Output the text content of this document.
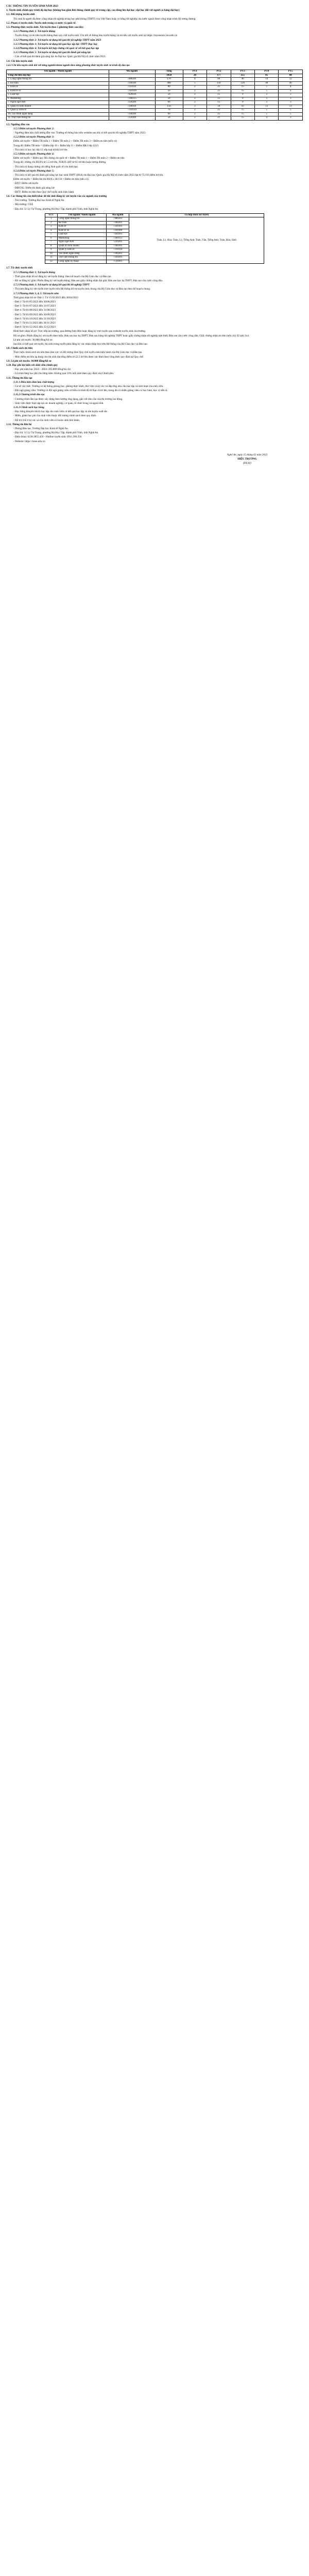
CÁC THÔNG TIN TUYỂN SINH NĂM 2023
1. Tuyển sinh chính quy trình độ đại học (không bao gồm liên thông chính quy từ trung cấp, cao đẳng lên đại học; đại học đối với người có bằng đại học)
1.1. Đối tượng tuyển sinh

Thí sinh là người đã được công nhận tốt nghiệp trung học phổ thông (THPT) của Việt Nam hoặc có bằng tốt nghiệp của nước ngoài được công nhận trình độ tương đương.

1.2. Phạm vi tuyển sinh: Tuyển sinh trong cả nước và quốc tế.
1.3. Phương thức tuyển sinh: Xét tuyển theo 5 phương thức sau đây:

1.3.1 Phương thức 1: Xét tuyển thẳng

- Tuyển thẳng và ưu tiên tuyển thẳng theo quy chế tuyển sinh: Chi tiết về thông báo tuyển thẳng và ưu tiên xét tuyển xem tại https://tuyensinh.vnu.edu.vn

1.3.2 Phương thức 2: Xét tuyển sử dụng kết quả thi tốt nghiệp THPT năm 2023

1.3.3 Phương thức 3: Xét tuyển sử dụng kết quả học tập bậc THPT (học bạ)

1.3.4 Phương thức 4: Xét tuyển kết hợp chứng chỉ quốc tế với kết quả học tập

1.3.5 Phương thức 5: Xét tuyển sử dụng kết quả thi đánh giá năng lực

- Căn cứ kết quả thi đánh giá năng lực do Đại học Quốc gia Hà Nội tổ chức năm 2023.

1.4. Chỉ tiêu tuyển sinh
1.4.1 Chỉ tiêu tuyển sinh đối với từng ngành/nhóm ngành theo từng phương thức tuyển sinh và trình độ đào tạo
Tên ngành / Nhóm ngành	Mã ngành	Tổng	PT1	PT2	PT3	PT4	PT5
Tổng chỉ tiêu đại học		1050	20	377	255	85	80
1. Công nghệ thông tin	7480201	170	4	60	40	14	12
2. Kế toán	7340301	400	5	150	120	40	40
3. Kinh tế	7310101	80	2	25	15	5	4
4. Kinh tế số	7310109	50	2	25	15	5	4
5. Luật học	7420101	50	2	15	9	3	3
6. Marketing	7340115	50	2	15	9	3	3
7. Ngôn ngữ Anh	7220201	60	2	15	9	3	3
8. Quản trị kinh doanh	7340101	150	3	56	43	13	13
9. Quản lý kinh tế	7310110	70	2	25	15	5	5
10. Tài chính ngân hàng	7340201	60	2	25	15	5	5
11. Thư viện thông tin	7320201	50	2	21	15	4	3
1.5. Ngưỡng đầu vào

1.5.1 Điểm xét tuyển Phương thức 2:

- Ngưỡng đảm bảo chất lượng đầu vào: Trường sẽ thông báo trên website sau khi có kết quả thi tốt nghiệp THPT năm 2023.

1.5.2 Điểm xét tuyển Phương thức 3:

Điểm xét tuyển = Điểm TB môn 1 + Điểm TB môn 2 + Điểm TB môn 3 + Điểm ưu tiên (nếu có)

Trong đó: Điểm TB môn = (Điểm lớp 10 + Điểm lớp 11 + Điểm HK1 lớp 12)/3

- Thí sinh có học lực lớp 12 xếp loại từ khá trở lên.

1.5.3 Điểm xét tuyển Phương thức 4:

Điểm xét tuyển = Điểm quy đổi chứng chỉ quốc tế + Điểm TB môn 1 + Điểm TB môn 2 + Điểm ưu tiên

Trong đó: chứng chỉ IELTS từ 5.5 trở lên, TOEFL iBT từ 65 trở lên hoặc tương đương.

- Thí sinh sử dụng chứng chỉ tiếng Anh quốc tế còn thời hạn.

1.5.4 Điểm xét tuyển Phương thức 5:

- Thí sinh có kết quả thi đánh giá năng lực học sinh THPT (HSA) do Đại học Quốc gia Hà Nội tổ chức năm 2023 đạt từ 75/150 điểm trở lên.

Điểm xét tuyển = Điểm bài thi HSA x 30/150 + Điểm ưu tiên (nếu có)

- ĐXT: Điểm xét tuyển

- ĐĐGNL: Điểm thi đánh giá năng lực

- ĐƯT: Điểm ưu tiên theo Quy chế tuyển sinh hiện hành.

1.6. Các thông tin cần thiết khác để thí sinh đăng ký xét tuyển vào các ngành của trường

- Tên trường: Trường Đại học Kinh tế Nghệ An

- Mã trường: CEA

- Địa chỉ: 51 Lý Tự Trọng, phường Hà Huy Tập, thành phố Vinh, tỉnh Nghệ An

STT	Tên ngành/ Nhóm ngành	Mã ngành	Tổ hợp môn xét tuyển
1	Công nghệ thông tin	7480201	Toán, Lý, Hóa; Toán, Lý, Tiếng Anh; Toán, Văn, Tiếng Anh; Toán, Hóa, Sinh
2	Kế toán	7340301	
3	Kinh tế	7310101	
4	Kinh tế số	7310109	
5	Luật học	7420101	
6	Marketing	7340115	
7	Ngôn ngữ Anh	7220201	
8	Quản trị kinh doanh	7340101	
9	Quản lý kinh tế	7310110	
10	Tài chính ngân hàng	7340201	
11	Thư viện thông tin	7320201	
12	Công nghệ kỹ thuật	7510301	
1.7. Tổ chức tuyển sinh

1.7.1 Phương thức 1: Xét tuyển thẳng

- Thời gian nhận hồ sơ đăng ký xét tuyển thẳng: theo kế hoạch của Bộ Giáo dục và Đào tạo.

- Hồ sơ đăng ký gồm: Phiếu đăng ký xét tuyển thẳng; Bản sao giấy chứng nhận đạt giải; Bản sao học bạ THPT; Bản sao căn cước công dân.

1.7.2 Phương thức 2: Xét tuyển sử dụng kết quả thi tốt nghiệp THPT

- Thí sinh đăng ký xét tuyển trực tuyến trên Hệ thống hỗ trợ tuyển sinh chung của Bộ Giáo dục và Đào tạo theo kế hoạch chung.

1.7.3 Phương thức 3, 4, 5: Xét tuyển sớm

Thời gian nhận hồ sơ: Đợt 1: Từ 15/02/2023 đến 30/04/2023

- Đợt 2: Từ 01/05/2023 đến 30/06/2023

- Đợt 3: Từ 01/07/2023 đến 31/07/2023

- Đợt 4: Từ 01/08/2023 đến 31/08/2023

- Đợt 5: Từ 01/09/2023 đến 30/09/2023

- Đợt 6: Từ 01/10/2023 đến 31/10/2023

- Đợt 7: Từ 01/11/2023 đến 30/11/2023

- Đợt 8: Từ 01/12/2023 đến 25/12/2023

Hình thức nhận hồ sơ: Trực tiếp tại trường, qua đường bưu điện hoặc đăng ký trực tuyến qua website tuyển sinh của trường.

Hồ sơ gồm: Phiếu đăng ký xét tuyển theo mẫu; Bản sao học bạ THPT; Bản sao bằng tốt nghiệp THPT hoặc giấy chứng nhận tốt nghiệp tạm thời; Bản sao căn cước công dân; Giấy chứng nhận ưu tiên (nếu có); 02 ảnh 3x4.

Lệ phí xét tuyển: 30.000 đồng/hồ sơ.

Sau khi có kết quả xét tuyển, thí sinh trúng tuyển phải đăng ký xác nhận nhập học trên Hệ thống của Bộ Giáo dục và Đào tạo.

1.8. Chính sách ưu tiên

Thực hiện chính sách ưu tiên theo khu vực và đối tượng theo Quy chế tuyển sinh hiện hành của Bộ Giáo dục và Đào tạo.

- Mức điểm ưu tiên áp dụng cho thí sinh đạt tổng điểm từ 22,5 trở lên được xác định theo công thức quy định tại Quy chế.

1.9. Lệ phí xét tuyển: 30.000 đồng/hồ sơ
1.10. Học phí dự kiến với sinh viên chính quy

- Học phí năm học 2023 - 2024: 295.000 đồng/tín chỉ.

- Lộ trình tăng học phí cho từng năm: Không quá 10% mỗi năm theo quy định của Chính phủ.

1.11. Thông tin đào tạo

1.11.1 Điều kiện đảm bảo chất lượng

- Cơ sở vật chất: Trường có hệ thống phòng học, phòng thực hành, thư viện và ký túc xá đáp ứng nhu cầu học tập và sinh hoạt của sinh viên.

- Đội ngũ giảng viên: Trường có đội ngũ giảng viên cơ hữu có trình độ từ thạc sĩ trở lên, trong đó có nhiều giảng viên có học hàm, học vị tiến sĩ.

1.11.2 Chương trình đào tạo

- Chương trình đào tạo được xây dựng theo hướng ứng dụng, gắn với nhu cầu của thị trường lao động.

- Sinh viên được thực tập tại các doanh nghiệp, cơ quan, tổ chức trong và ngoài tỉnh.

1.11.3 Chính sách học bổng

- Học bổng khuyến khích học tập cho sinh viên có kết quả học tập và rèn luyện xuất sắc.

- Miễn, giảm học phí cho sinh viên thuộc đối tượng chính sách theo quy định.

- Hỗ trợ chỗ ở ký túc xá cho sinh viên có hoàn cảnh khó khăn.

1.12. Thông tin liên hệ

- Phòng Đào tạo, Trường Đại học Kinh tế Nghệ An

- Địa chỉ: 51 Lý Tự Trọng, phường Hà Huy Tập, thành phố Vinh, tỉnh Nghệ An

- Điện thoại: 0238.3855.456 - Hotline tuyển sinh: 0911.366.356

- Website: https://naue.edu.vn

Nghệ An, ngày 15 tháng 02 năm 2023
HIỆU TRƯỞNG
(Đã ký)
